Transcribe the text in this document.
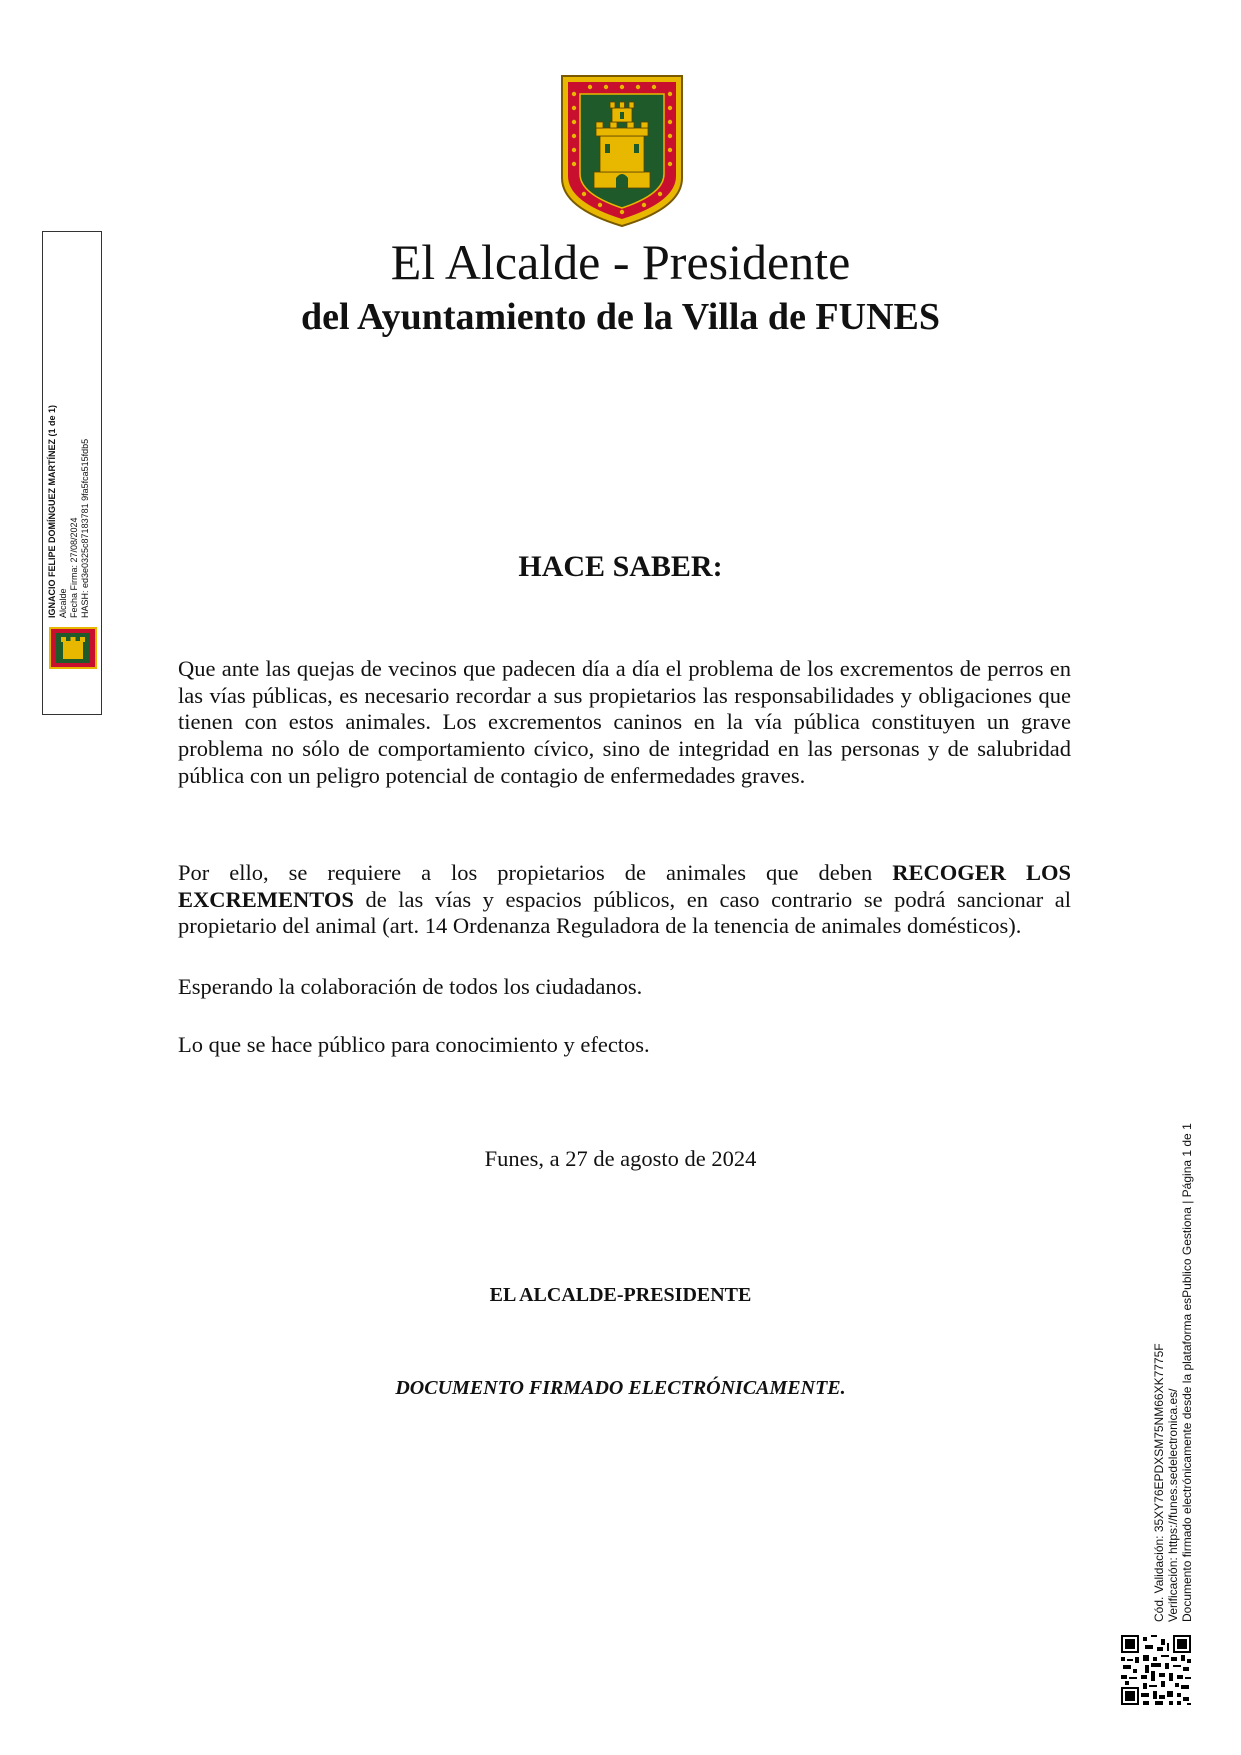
El Alcalde - Presidente
del Ayuntamiento de la Villa de FUNES
HACE SABER:

Que ante las quejas de vecinos que padecen día a día el problema de los excrementos de perros en las vías públicas, es necesario recordar a sus propietarios las responsabilidades y obligaciones que tienen con estos animales. Los excrementos caninos en la vía pública constituyen un grave problema no sólo de comportamiento cívico, sino de integridad en las personas y de salubridad pública con un peligro potencial de contagio de enfermedades graves.

Por ello, se requiere a los propietarios de animales que deben RECOGER LOS EXCREMENTOS de las vías y espacios públicos, en caso contrario se podrá sancionar al propietario del animal (art. 14 Ordenanza Reguladora de la tenencia de animales domésticos).

Esperando la colaboración de todos los ciudadanos.

Lo que se hace público para conocimiento y efectos.

Funes, a 27 de agosto de 2024
EL ALCALDE-PRESIDENTE
DOCUMENTO FIRMADO ELECTRÓNICAMENTE.
IGNACIO FELIPE DOMÍNGUEZ MARTÍNEZ (1 de 1) Alcalde Fecha Firma: 27/08/2024 HASH: ed3e0325c87183781 9fa5fca515fdb5
Cód. Validación: 35XY76EPDXSM75NM66XK7775F Verificación: https://funes.sedelectronica.es/ Documento firmado electrónicamente desde la plataforma esPublico Gestiona | Página 1 de 1
